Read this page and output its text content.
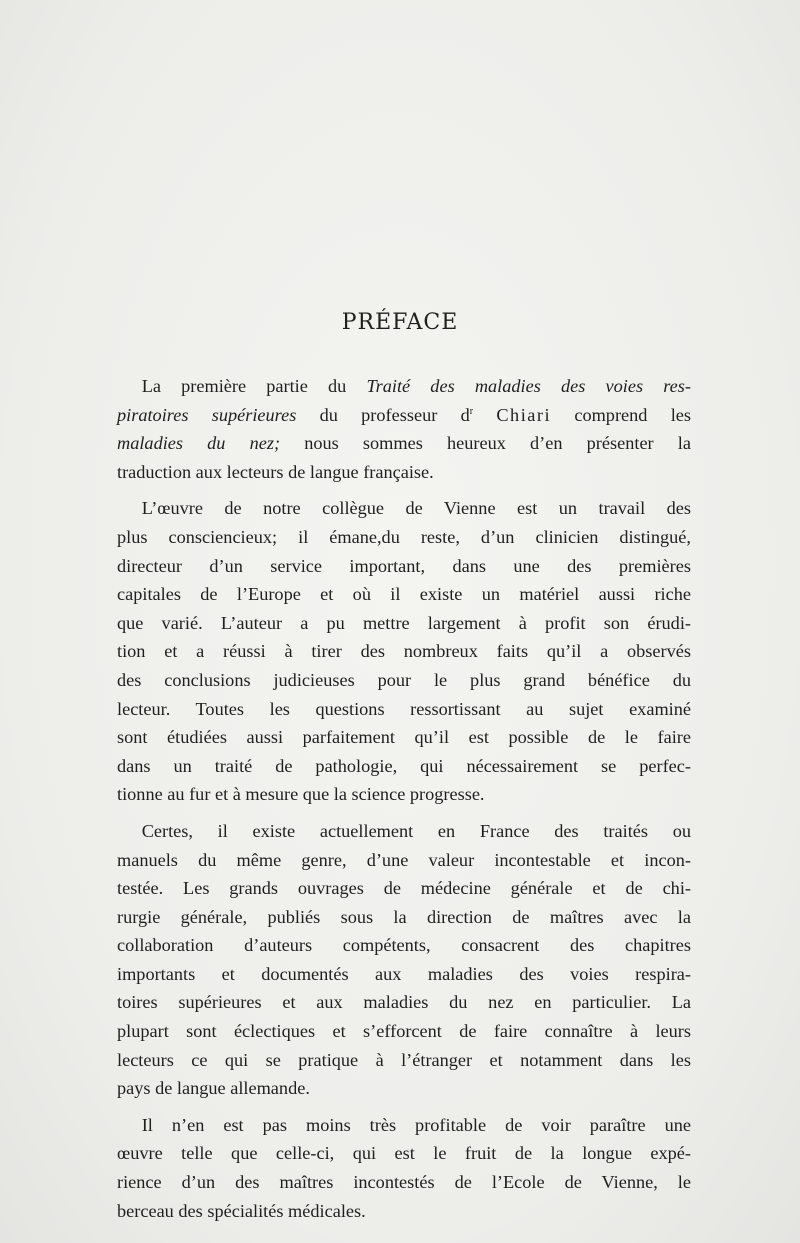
PRÉFACE
La première partie du Traité des maladies des voies res-
piratoires supérieures du professeur $d^r$ Chiari comprend les
maladies du nez; nous sommes heureux d’en présenter la
traduction aux lecteurs de langue française.
L’œuvre de notre collègue de Vienne est un travail des
plus consciencieux; il émane,du reste, d’un clinicien distingué,
directeur d’un service important, dans une des premières
capitales de l’Europe et où il existe un matériel aussi riche
que varié. L’auteur a pu mettre largement à profit son érudi-
tion et a réussi à tirer des nombreux faits qu’il a observés
des conclusions judicieuses pour le plus grand bénéfice du
lecteur. Toutes les questions ressortissant au sujet examiné
sont étudiées aussi parfaitement qu’il est possible de le faire
dans un traité de pathologie, qui nécessairement se perfec-
tionne au fur et à mesure que la science progresse.
Certes, il existe actuellement en France des traités ou
manuels du même genre, d’une valeur incontestable et incon-
testée. Les grands ouvrages de médecine générale et de chi-
rurgie générale, publiés sous la direction de maîtres avec la
collaboration d’auteurs compétents, consacrent des chapitres
importants et documentés aux maladies des voies respira-
toires supérieures et aux maladies du nez en particulier. La
plupart sont éclectiques et s’efforcent de faire connaître à leurs
lecteurs ce qui se pratique à l’étranger et notamment dans les
pays de langue allemande.
Il n’en est pas moins très profitable de voir paraître une
œuvre telle que celle-ci, qui est le fruit de la longue expé-
rience d’un des maîtres incontestés de l’Ecole de Vienne, le
berceau des spécialités médicales.
